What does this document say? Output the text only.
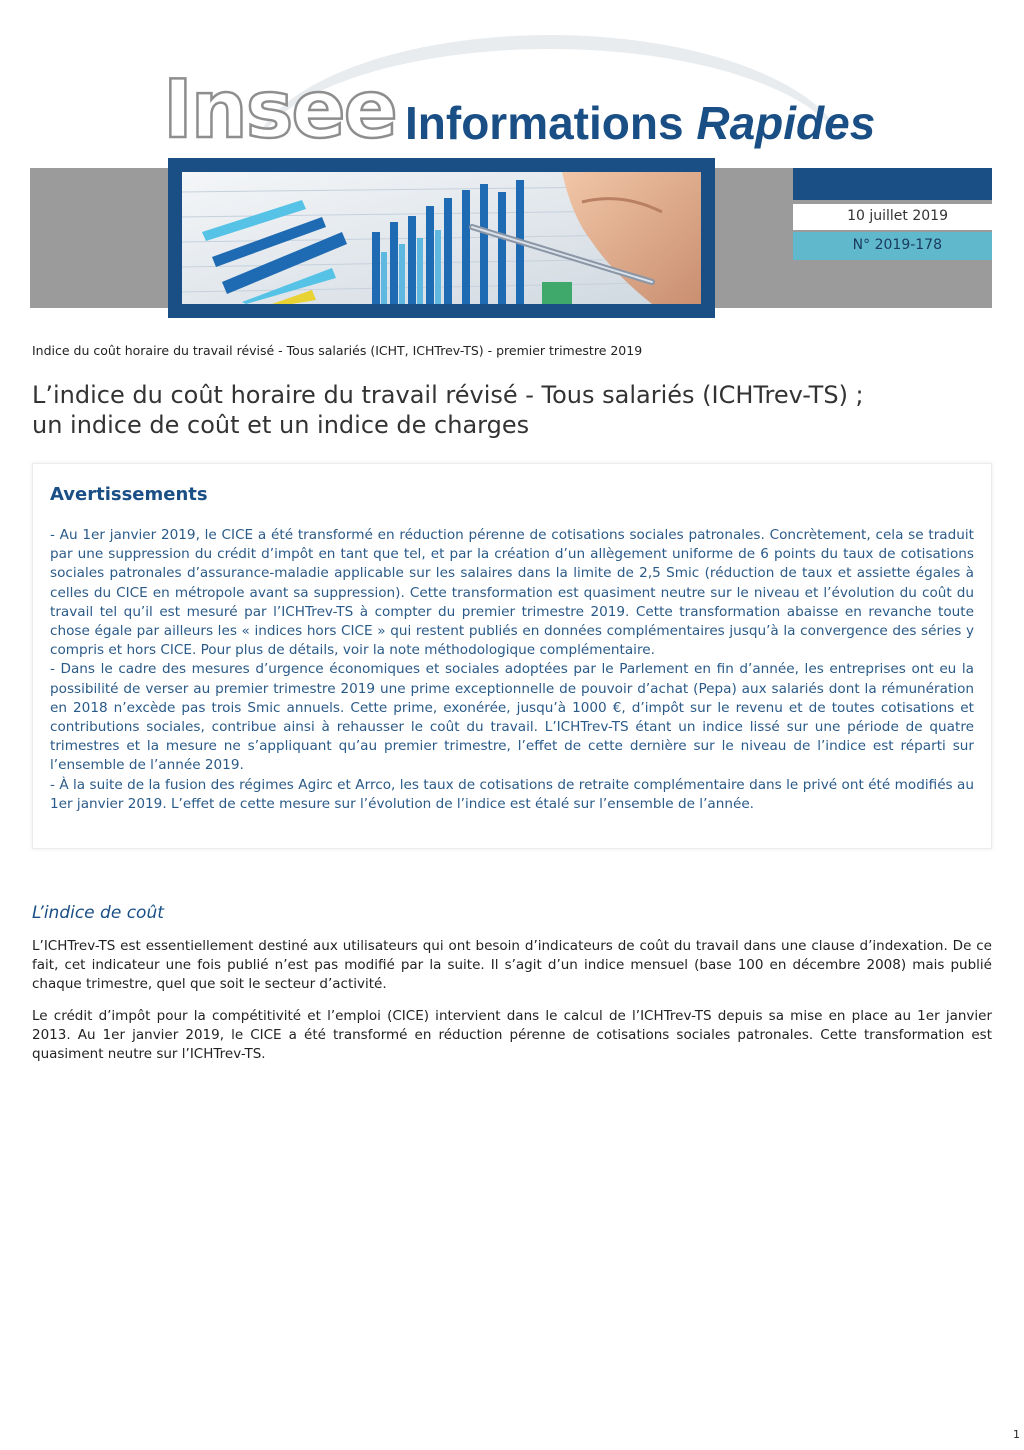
Insee Informations Rapides
10 juillet 2019
N° 2019-178
Indice du coût horaire du travail révisé - Tous salariés (ICHT, ICHTrev-TS) - premier trimestre 2019
L’indice du coût horaire du travail révisé - Tous salariés (ICHTrev-TS) ;
un indice de coût et un indice de charges
Avertissements

- Au 1er janvier 2019, le CICE a été transformé en réduction pérenne de cotisations sociales patronales. Concrètement, cela se traduit par une suppression du crédit d’impôt en tant que tel, et par la création d’un allègement uniforme de 6 points du taux de cotisations sociales patronales d’assurance-maladie applicable sur les salaires dans la limite de 2,5 Smic (réduction de taux et assiette égales à celles du CICE en métropole avant sa suppression). Cette transformation est quasiment neutre sur le niveau et l’évolution du coût du travail tel qu’il est mesuré par l’ICHTrev-TS à compter du premier trimestre 2019. Cette transformation abaisse en revanche toute chose égale par ailleurs les « indices hors CICE » qui restent publiés en données complémentaires jusqu’à la convergence des séries y compris et hors CICE. Pour plus de détails, voir la note méthodologique complémentaire.

- Dans le cadre des mesures d’urgence économiques et sociales adoptées par le Parlement en fin d’année, les entreprises ont eu la possibilité de verser au premier trimestre 2019 une prime exceptionnelle de pouvoir d’achat (Pepa) aux salariés dont la rémunération en 2018 n’excède pas trois Smic annuels. Cette prime, exonérée, jusqu’à 1000 €, d’impôt sur le revenu et de toutes cotisations et contributions sociales, contribue ainsi à rehausser le coût du travail. L’ICHTrev-TS étant un indice lissé sur une période de quatre trimestres et la mesure ne s’appliquant qu’au premier trimestre, l’effet de cette dernière sur le niveau de l’indice est réparti sur l’ensemble de l’année 2019.

- À la suite de la fusion des régimes Agirc et Arrco, les taux de cotisations de retraite complémentaire dans le privé ont été modifiés au 1er janvier 2019. L’effet de cette mesure sur l’évolution de l’indice est étalé sur l’ensemble de l’année.

L’indice de coût

L’ICHTrev-TS est essentiellement destiné aux utilisateurs qui ont besoin d’indicateurs de coût du travail dans une clause d’indexation. De ce fait, cet indicateur une fois publié n’est pas modifié par la suite. Il s’agit d’un indice mensuel (base 100 en décembre 2008) mais publié chaque trimestre, quel que soit le secteur d’activité.

Le crédit d’impôt pour la compétitivité et l’emploi (CICE) intervient dans le calcul de l’ICHTrev-TS depuis sa mise en place au 1er janvier 2013. Au 1er janvier 2019, le CICE a été transformé en réduction pérenne de cotisations sociales patronales. Cette transformation est quasiment neutre sur l’ICHTrev-TS.

1
